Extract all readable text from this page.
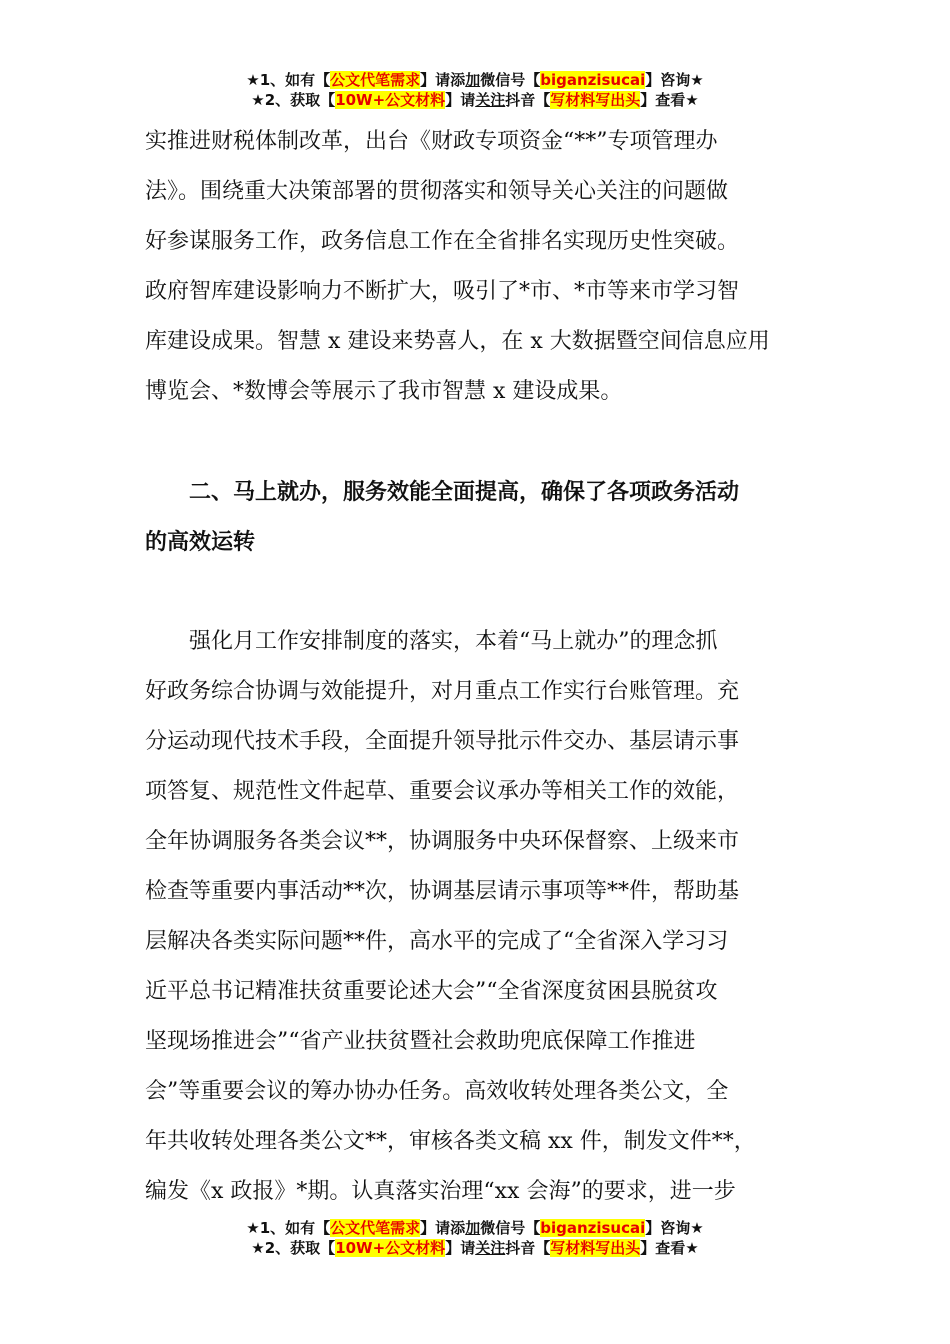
★1、如有【公文代笔需求】请添加微信号【biganzisucai】咨询★
★2、获取【10W+公文材料】请关注抖音【写材料写出头】查看★
实推进财税体制改革，出台《财政专项资金“**”专项管理办
法》。围绕重大决策部署的贯彻落实和领导关心关注的问题做
好参谋服务工作，政务信息工作在全省排名实现历史性突破。
政府智库建设影响力不断扩大，吸引了*市、*市等来市学习智
库建设成果。智慧 x 建设来势喜人，在 x 大数据暨空间信息应用
博览会、*数博会等展示了我市智慧 x 建设成果。
　　二、马上就办，服务效能全面提高，确保了各项政务活动
的高效运转
　　强化月工作安排制度的落实，本着“马上就办”的理念抓
好政务综合协调与效能提升，对月重点工作实行台账管理。充
分运动现代技术手段，全面提升领导批示件交办、基层请示事
项答复、规范性文件起草、重要会议承办等相关工作的效能，
全年协调服务各类会议**，协调服务中央环保督察、上级来市
检查等重要内事活动**次，协调基层请示事项等**件，帮助基
层解决各类实际问题**件，高水平的完成了“全省深入学习习
近平总书记精准扶贫重要论述大会”“全省深度贫困县脱贫攻
坚现场推进会”“省产业扶贫暨社会救助兜底保障工作推进
会”等重要会议的筹办协办任务。高效收转处理各类公文，全
年共收转处理各类公文**，审核各类文稿 xx 件，制发文件**，
编发《x 政报》*期。认真落实治理“xx 会海”的要求，进一步
★1、如有【公文代笔需求】请添加微信号【biganzisucai】咨询★
★2、获取【10W+公文材料】请关注抖音【写材料写出头】查看★
